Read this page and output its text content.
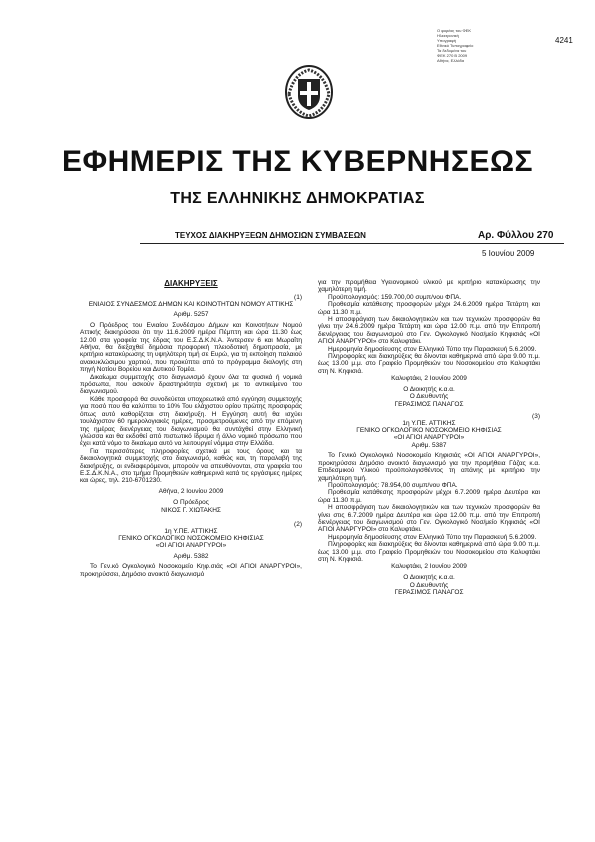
Ο φορέας του ΦΕΚ
Ηλεκτρονική
Υπογραφή
Εθνικό Τυπογραφείο
Τα δεδομένα του
ΦΕΚ 270 Β 2009
Αθήνα, Ελλάδα
4241
ΕΦΗΜΕΡΙΣ ΤΗΣ ΚΥΒΕΡΝΗΣΕΩΣ
ΤΗΣ ΕΛΛΗΝΙΚΗΣ ΔΗΜΟΚΡΑΤΙΑΣ
ΤΕΥΧΟΣ ΔΙΑΚΗΡΥΞΕΩΝ ΔΗΜΟΣΙΩΝ ΣΥΜΒΑΣΕΩΝ	Αρ. Φύλλου 270
5 Ιουνίου 2009

ΔΙΑΚΗΡΥΞΕΙΣ

(1)

ΕΝΙΑΙΟΣ ΣΥΝΔΕΣΜΟΣ ΔΗΜΩΝ ΚΑΙ ΚΟΙΝΟΤΗΤΩΝ ΝΟΜΟΥ ΑΤΤΙΚΗΣ

Αριθμ. 5257

Ο Πρόεδρος του Ενιαίου Συνδέσμου Δήμων και Κοινοτήτων Νομού Αττικής διακηρύσσει ότι την 11.6.2009 ημέρα Πέμπτη και ώρα 11.30 έως 12.00 στα γραφεία της έδρας του Ε.Σ.Δ.Κ.Ν.Α. Άντερσεν 6 και Μωραΐτη Αθήνα, θα διεξαχθεί δημόσια προφορική πλειοδοτική δημοπρασία, με κριτήριο κατακύρωσης τη υψηλότερη τιμή σε Ευρώ, για τη εκποίηση παλαιού ανακυκλώσιμου χαρτιού, που προκύπτει από το πρόγραμμα διαλογής στη πηγή Νοτίου Βορείου και Δυτικού Τομέα.

Δικαίωμα συμμετοχής στο διαγωνισμό έχουν όλα τα φυσικά ή νομικά πρόσωπα, που ασκούν δραστηριότητα σχετική με το αντικείμενο του διαγωνισμού.

Κάθε προσφορά θα συνοδεύεται υποχρεωτικά από εγγύηση συμμετοχής για ποσό που θα καλύπτει το 10% Του ελάχιστου ορίου πρώτης προσφοράς όπως αυτό καθορίζεται στη διακήρυξη. Η Εγγύηση αυτή θα ισχύει τουλάχιστον 60 ημερολογιακές ημέρες, προσμετρούμενες από την επόμενη της ημέρας διενέργειας του διαγωνισμού θα συντάχθεί στην Ελληνική γλώσσα και θα εκδοθεί από πιστωτικό ίδρυμα ή άλλο νομικό πρόσωπο που έχει κατά νόμο το δικαίωμα αυτό να λειτουργεί νόμιμα στην Ελλάδα.

Για περισσότερες πληροφορίες σχετικά με τους όρους και τα δικαιολογητικά συμμετοχής στο διαγωνισμό, καθώς και, τη παραλαβή της διακήρυξης, οι ενδιαφερόμενοι, μπορούν να απευθύνονται, στα γραφεία του Ε.Σ.Δ.Κ.Ν.Α., στο τμήμα Προμηθειών καθημερινά κατά τις εργάσιμες ημέρες και ώρες, τηλ. 210-6701230.

Αθήνα, 2 Ιουνίου 2009

Ο Πρόεδρος

ΝΙΚΟΣ Γ. ΧΙΩΤΑΚΗΣ

(2)

1η Υ.ΠΕ. ΑΤΤΙΚΗΣ

ΓΕΝΙΚΟ ΟΓΚΟΛΟΓΙΚΟ ΝΟΣΟΚΟΜΕΙΟ ΚΗΦΙΣΙΑΣ

«ΟΙ ΑΓΙΟΙ ΑΝΑΡΓΥΡΟΙ»

Αριθμ. 5382

Το Γεν.κό Ογκολογικό Νοσοκομείο Κηφ.σιάς «ΟΙ ΑΓΙΟΙ ΑΝΑΡΓΥΡΟΙ», προκηρύσσει, Δημόσιο ανοικτό διαγωνισμό

για την προμήθεια Υγειονομικού υλικού με κριτήριο κατακύρωσης την χαμηλότερη τιμή.

Προϋπολογισμός: 159.700,00 συμπ/νου ΦΠΑ.

Προθεσμία κατάθεσης προσφορών μέχρι 24.6.2009 ημέρα Τετάρτη και ώρα 11.30 π.μ.

Η αποσφράγιση των δικαιολογητικών και των τεχνικών προσφορών θα γίνει την 24.6.2009 ημέρα Τετάρτη και ώρα 12.00 π.μ. από την Επιτροπή διενέργειας του διαγωνισμού στο Γεν. Ογκολογικό Νοσ/μείο Κηφισιάς «ΟΙ ΑΓΙΟΙ ΑΝΑΡΓΥΡΟΙ» στο Καλυφτάκι.

Ημερομηνία δημοσίευσης στον Ελληνικό Τύπο την Παρασκευή 5.6.2009.

Πληροφορίες και διακηρύξεις θα δίνονται καθημερινά από ώρα 9.00 π.μ. έως 13.00 μ.μ. στο Γραφείο Προμηθειών του Νοσοκομείου στο Καλυφτάκι στη Ν. Κηφισιά.

Καλυφτάκι, 2 Ιουνίου 2009

Ο Διοικητής κ.α.α.

Ο Διευθυντής

ΓΕΡΑΣΙΜΟΣ ΠΑΝΑΓΟΣ

(3)

1η Υ.ΠΕ. ΑΤΤΙΚΗΣ

ΓΕΝΙΚΟ ΟΓΚΟΛΟΓΙΚΟ ΝΟΣΟΚΟΜΕΙΟ ΚΗΦΙΣΙΑΣ

«ΟΙ ΑΓΙΟΙ ΑΝΑΡΓΥΡΟΙ»

Αριθμ. 5387

Το Γενικό Ογκολογικό Νοσοκομείο Κηφισιάς «ΟΙ ΑΓΙΟΙ ΑΝΑΡΓΥΡΟΙ», προκηρύσσει Δημόσιο ανοικτό διαγωνισμό για την προμήθεια Γάζας κ.α. Επιδεσμικού Υλικού προϋπολογισθέντος τη απάνης με κριτήριο την χαμηλότερη τιμή.

Προϋπολογισμός: 78.954,00 συμπ/νου ΦΠΑ.

Προθεσμία κατάθεσης προσφορών μέχρι 6.7.2009 ημέρα Δευτέρα και ώρα 11.30 π.μ.

Η αποσφράγιση των δικαιολογητικών και των τεχνικών προσφορών θα γίνει στις 6.7.2009 ημέρα Δευτέρα και ώρα 12.00 π.μ. από την Επιτροπή διενέργειας του διαγωνισμού στο Γεν. Ογκολογικό Νοσ/μείο Κηφισιάς «ΟΙ ΑΓΙΟΙ ΑΝΑΡΓΥΡΟΙ» στο Καλυφτάκι.

Ημερομηνία δημοσίευσης στον Ελληνικό Τύπο την Παρασκευή 5.6.2009.

Πληροφορίες και διακηρύξεις θα δίνονται καθημερινά από ώρα 9.00 π.μ. έως 13.00 μ.μ. στο Γραφείο Προμηθειών του Νοσοκομείου στο Καλυφτάκι στη Ν. Κηφισιά.

Καλυφτάκι, 2 Ιουνίου 2009

Ο Διοικητής κ.α.α.

Ο Διευθυντής

ΓΕΡΑΣΙΜΟΣ ΠΑΝΑΓΟΣ
